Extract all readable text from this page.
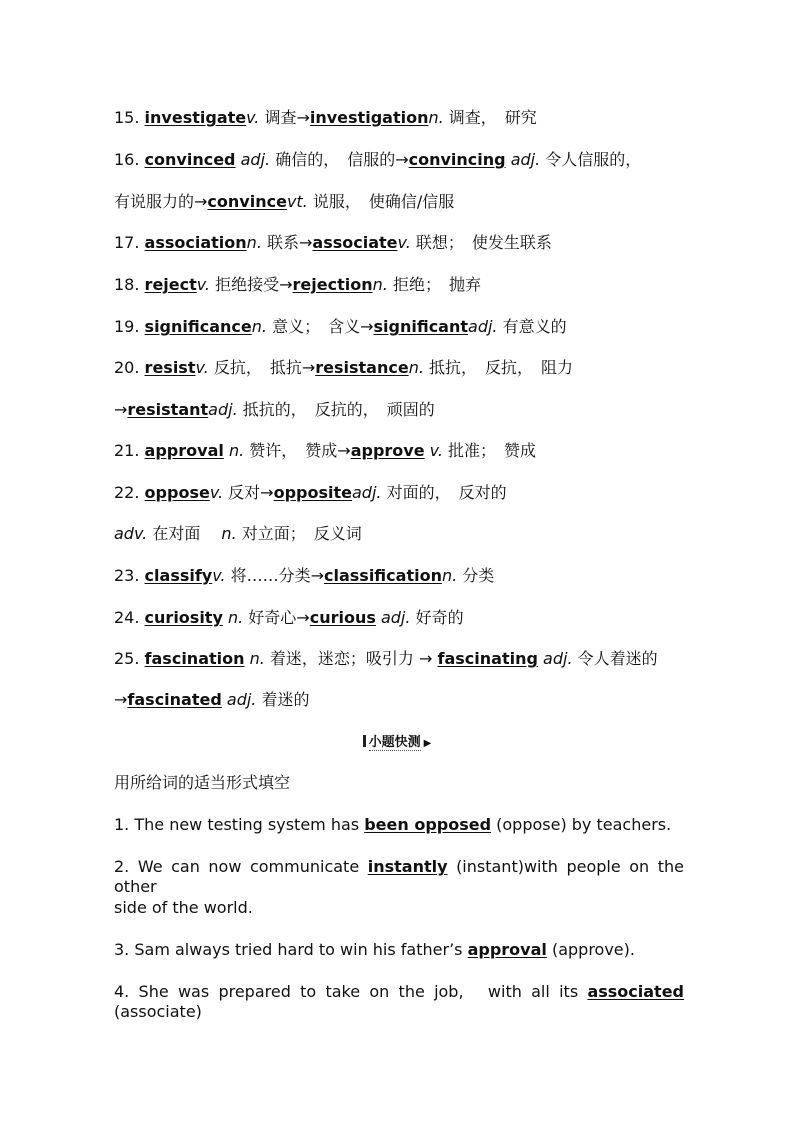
15. investigatev. 调查→investigationn. 调查，　研究
16. convinced adj. 确信的，　信服的→convincing adj. 令人信服的，
有说服力的→convincevt. 说服，　使确信/信服
17. associationn. 联系→associatev. 联想；　使发生联系
18. rejectv. 拒绝接受→rejectionn. 拒绝；　抛弃
19. significancen. 意义；　含义→significantadj. 有意义的
20. resistv. 反抗，　抵抗→resistancen. 抵抗，　反抗，　阻力
→resistantadj. 抵抗的，　反抗的，　顽固的
21. approval n. 赞许，　赞成→approve v. 批准；　赞成
22. opposev. 反对→oppositeadj. 对面的，　反对的
adv. 在对面　 n. 对立面；　反义词
23. classifyv. 将……分类→classificationn. 分类
24. curiosity n. 好奇心→curious adj. 好奇的
25. fascination n. 着迷，迷恋；吸引力 → fascinating adj. 令人着迷的
→fascinated adj. 着迷的
小题快测 ▶
用所给词的适当形式填空
1. The new testing system has been opposed (oppose) by teachers.
2. We can now communicate instantly (instant)with people on the other
side of the world.
3. Sam always tried hard to win his father’s approval (approve).
4. She was prepared to take on the job,　with all its associated (associate)
